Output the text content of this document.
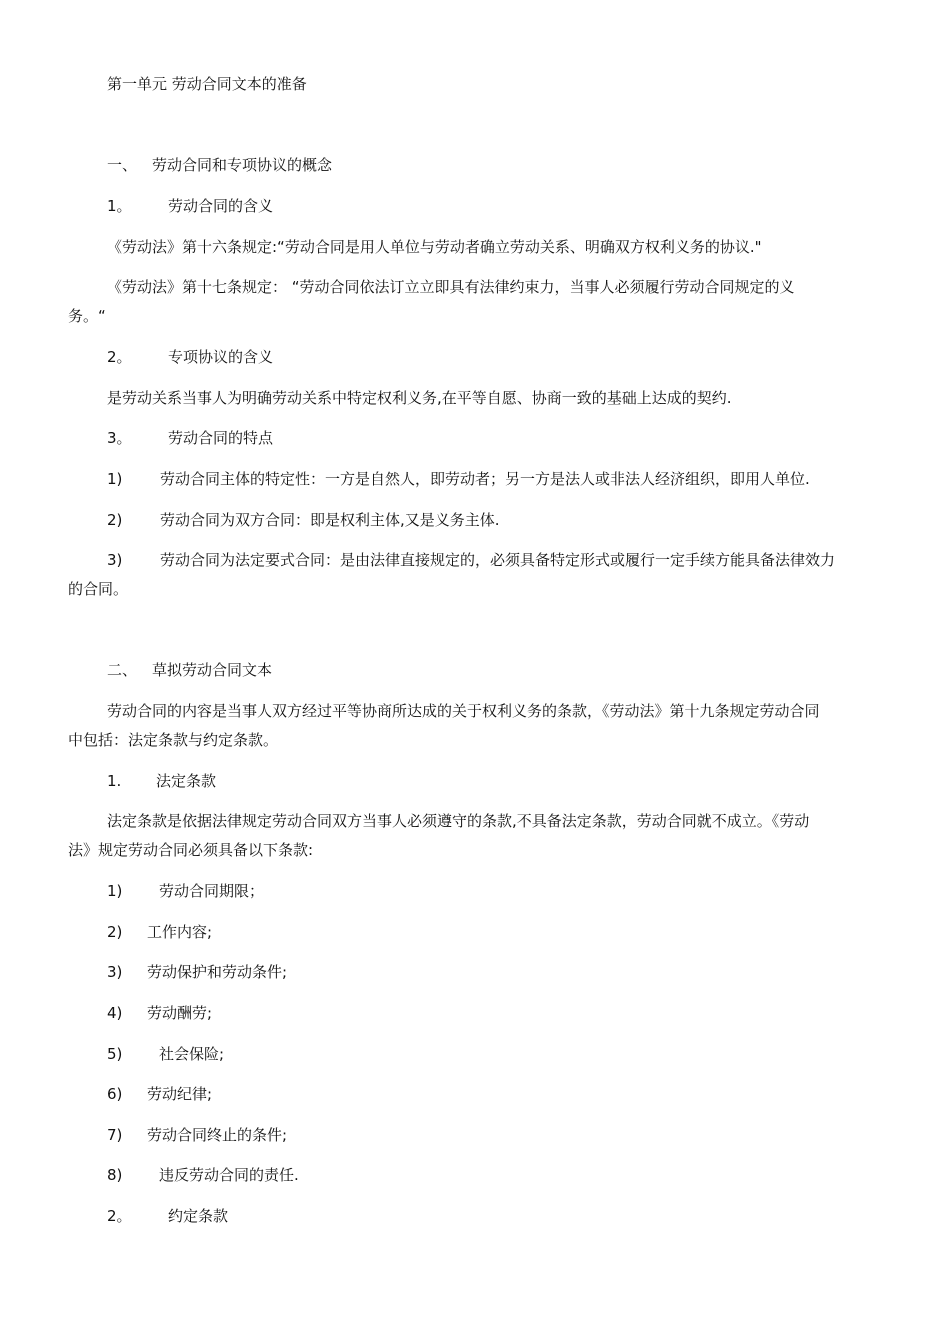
第一单元 劳动合同文本的准备
一、 劳动合同和专项协议的概念
1。 劳动合同的含义
《劳动法》第十六条规定:“劳动合同是用人单位与劳动者确立劳动关系、明确双方权利义务的协议."
《劳动法》第十七条规定： “劳动合同依法订立立即具有法律约束力，当事人必须履行劳动合同规定的义
务。“
2。 专项协议的含义
是劳动关系当事人为明确劳动关系中特定权利义务,在平等自愿、协商一致的基础上达成的契约.
3。 劳动合同的特点
1)	劳动合同主体的特定性：一方是自然人，即劳动者；另一方是法人或非法人经济组织，即用人单位.
2)	劳动合同为双方合同：即是权利主体,又是义务主体.
3)	劳动合同为法定要式合同：是由法律直接规定的，必须具备特定形式或履行一定手续方能具备法律效力
的合同。
二、 草拟劳动合同文本
劳动合同的内容是当事人双方经过平等协商所达成的关于权利义务的条款，《劳动法》第十九条规定劳动合同
中包括：法定条款与约定条款。
1. 法定条款
法定条款是依据法律规定劳动合同双方当事人必须遵守的条款,不具备法定条款，劳动合同就不成立。《劳动
法》规定劳动合同必须具备以下条款:
1) 劳动合同期限；
2) 工作内容;
3) 劳动保护和劳动条件;
4) 劳动酬劳;
5) 社会保险;
6) 劳动纪律;
7) 劳动合同终止的条件;
8) 违反劳动合同的责任.
2。 约定条款
